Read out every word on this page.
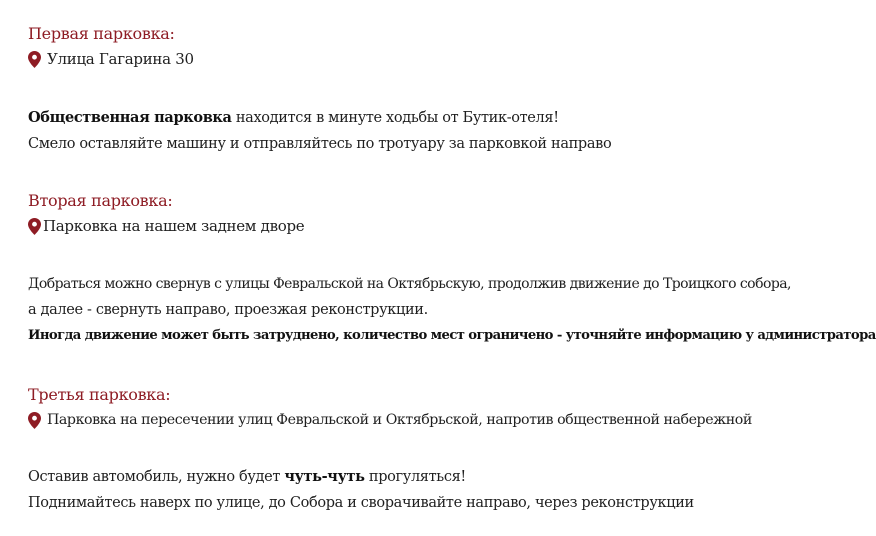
Первая парковка:
Улица Гагарина 30
Общественная парковка находится в минуте ходьбы от Бутик-отеля!
Смело оставляйте машину и отправляйтесь по тротуару за парковкой направо
Вторая парковка:
Парковка на нашем заднем дворе
Добраться можно свернув с улицы Февральской на Октябрьскую, продолжив движение до Троицкого собора,
а далее - свернуть направо, проезжая реконструкции.
Иногда движение может быть затруднено, количество мест ограничено - уточняйте информацию у администратора
Третья парковка:
Парковка на пересечении улиц Февральской и Октябрьской, напротив общественной набережной
Оставив автомобиль, нужно будет чуть-чуть прогуляться!
Поднимайтесь наверх по улице, до Собора и сворачивайте направо, через реконструкции
